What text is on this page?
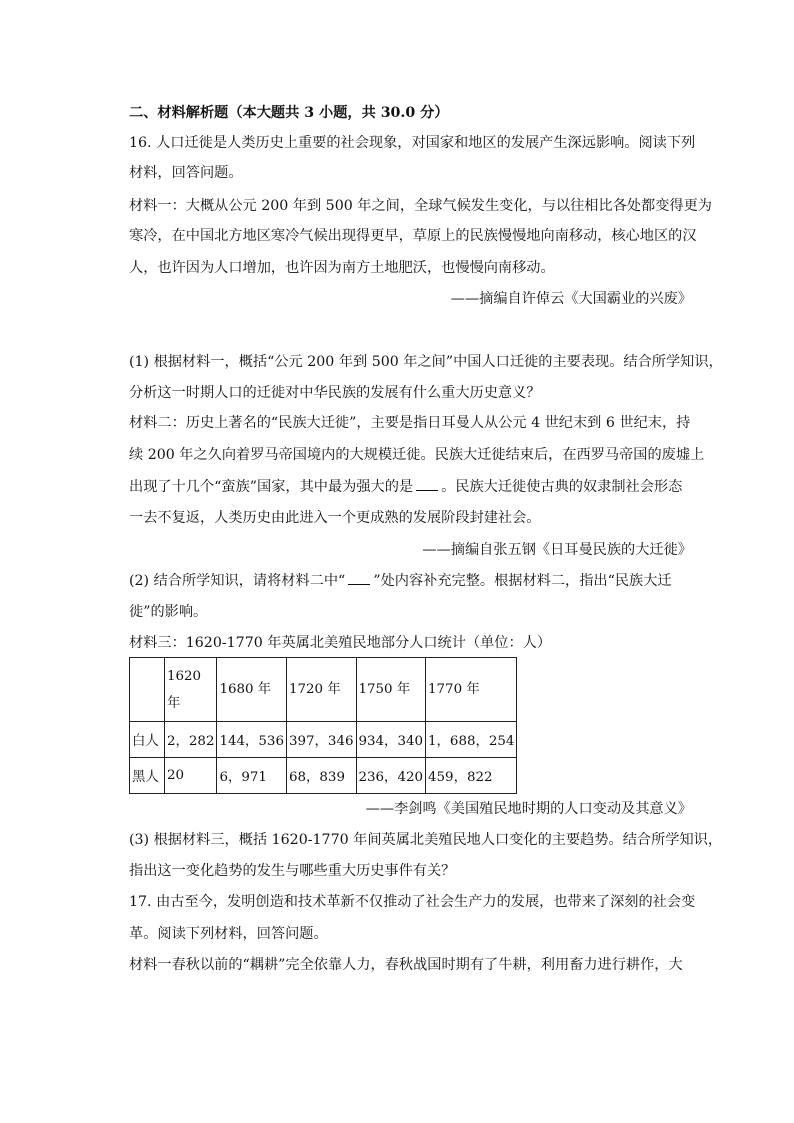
二、材料解析题（本大题共 3 小题，共 30.0 分）
16. 人口迁徙是人类历史上重要的社会现象，对国家和地区的发展产生深远影响。阅读下列
材料，回答问题。
材料一：大概从公元 200 年到 500 年之间，全球气候发生变化，与以往相比各处都变得更为
寒冷，在中国北方地区寒冷气候出现得更早，草原上的民族慢慢地向南移动，核心地区的汉
人，也许因为人口增加，也许因为南方土地肥沃，也慢慢向南移动。
——摘编自许倬云《大国霸业的兴废》
(1) 根据材料一，概括“公元 200 年到 500 年之间”中国人口迁徙的主要表现。结合所学知识，
分析这一时期人口的迁徙对中华民族的发展有什么重大历史意义？
材料二：历史上著名的“民族大迁徙”，主要是指日耳曼人从公元 4 世纪末到 6 世纪末，持
续 200 年之久向着罗马帝国境内的大规模迁徙。民族大迁徙结束后，在西罗马帝国的废墟上
出现了十几个“蛮族”国家，其中最为强大的是 。民族大迁徙使古典的奴隶制社会形态
一去不复返，人类历史由此进入一个更成熟的发展阶段封建社会。
——摘编自张五钢《日耳曼民族的大迁徙》
(2) 结合所学知识，请将材料二中“ ”处内容补充完整。根据材料二，指出“民族大迁
徙”的影响。
材料三：1620-1770 年英属北美殖民地部分人口统计（单位：人）
	1620
年	1680 年	1720 年	1750 年	1770 年
白人	2，282	144，536	397，346	934，340	1，688，254
黑人	20	6，971	68，839	236，420	459，822
——李剑鸣《美国殖民地时期的人口变动及其意义》
(3) 根据材料三，概括 1620-1770 年间英属北美殖民地人口变化的主要趋势。结合所学知识，
指出这一变化趋势的发生与哪些重大历史事件有关？
17. 由古至今，发明创造和技术革新不仅推动了社会生产力的发展，也带来了深刻的社会变
革。阅读下列材料，回答问题。
材料一春秋以前的“耦耕”完全依靠人力，春秋战国时期有了牛耕，利用畜力进行耕作，大
